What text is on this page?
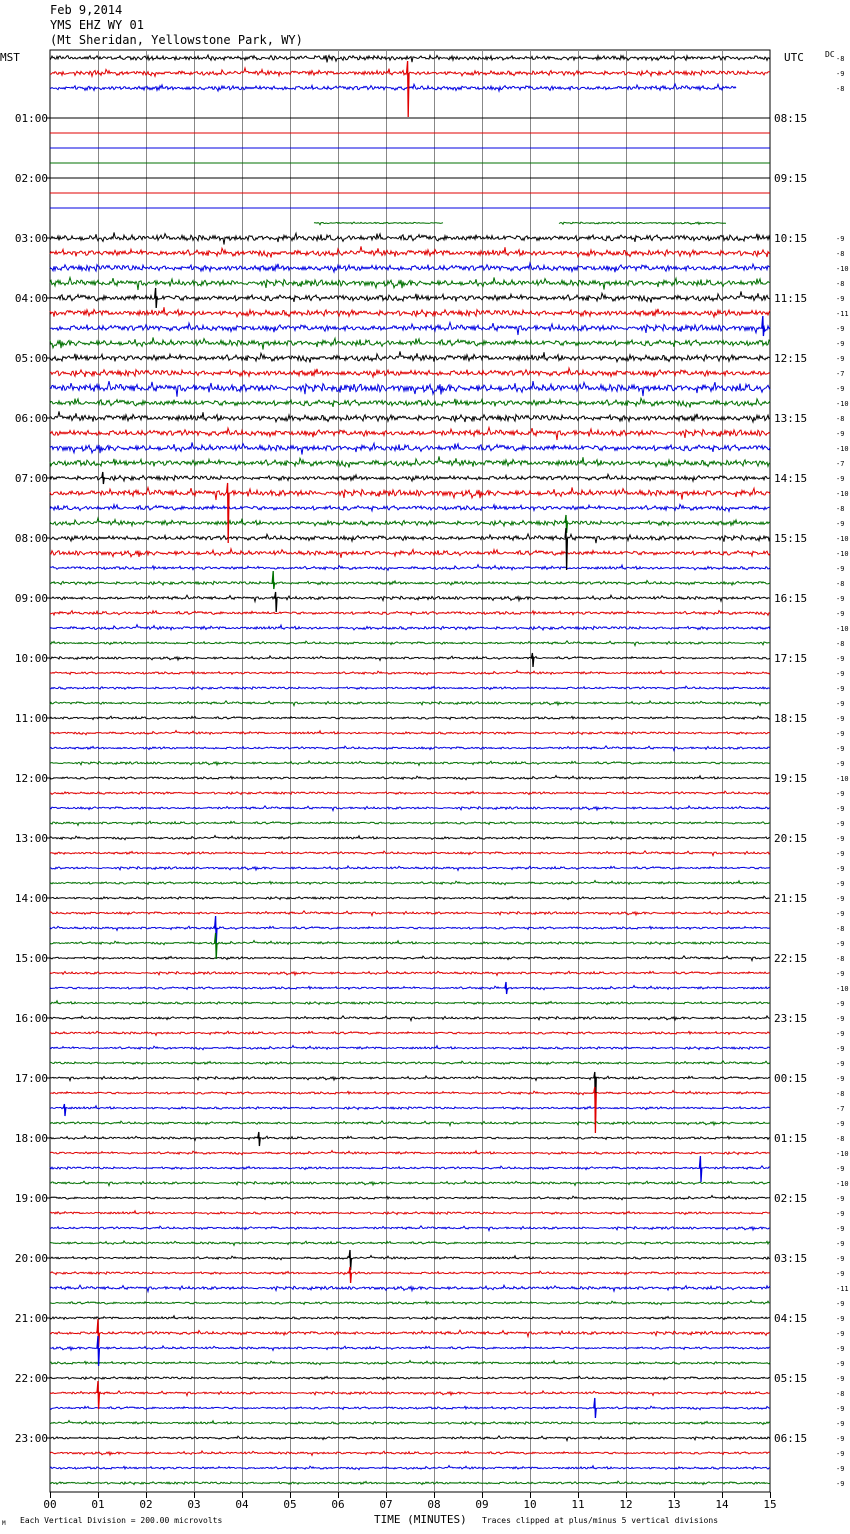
Feb 9,2014
YMS EHZ WY 01
(Mt Sheridan, Yellowstone Park, WY)
00	01	02	03	04	05	06	07	08	09	10	11	12	13	14	15
MST	UTC	DC -8
-9
-8
01:00	08:15
02:00	09:15
03:00	10:15	-9
-8
-10
-8
04:00	11:15	-9
-11
-9
-9
05:00	12:15	-9
-7
-9
-10
06:00	13:15	-8
-9
-10
-7
07:00	14:15	-9
-10
-8
-9
08:00	15:15	-10
-10
-9
-8
09:00	16:15	-9
-9
-10
-8
10:00	17:15	-9
-9
-9
-9
11:00	18:15	-9
-9
-9
-9
12:00	19:15	-10
-9
-9
-9
13:00	20:15	-9
-9
-9
-9
14:00	21:15	-9
-9
-8
-9
15:00	22:15	-8
-9
-10
-9
16:00	23:15	-9
-9
-9
-9
17:00	00:15	-9
-8
-7
-9
18:00	01:15	-8
-10
-9
-10
19:00	02:15	-9
-9
-9
-9
20:00	03:15	-9
-9
-11
-9
21:00	04:15	-9
-9
-9
-9
22:00	05:15	-9
-8
-9
-9
23:00	06:15	-9
-9
-9
-9
M Each Vertical Division = 200.00 microvolts	TIME (MINUTES) Traces clipped at plus/minus 5 vertical divisions
